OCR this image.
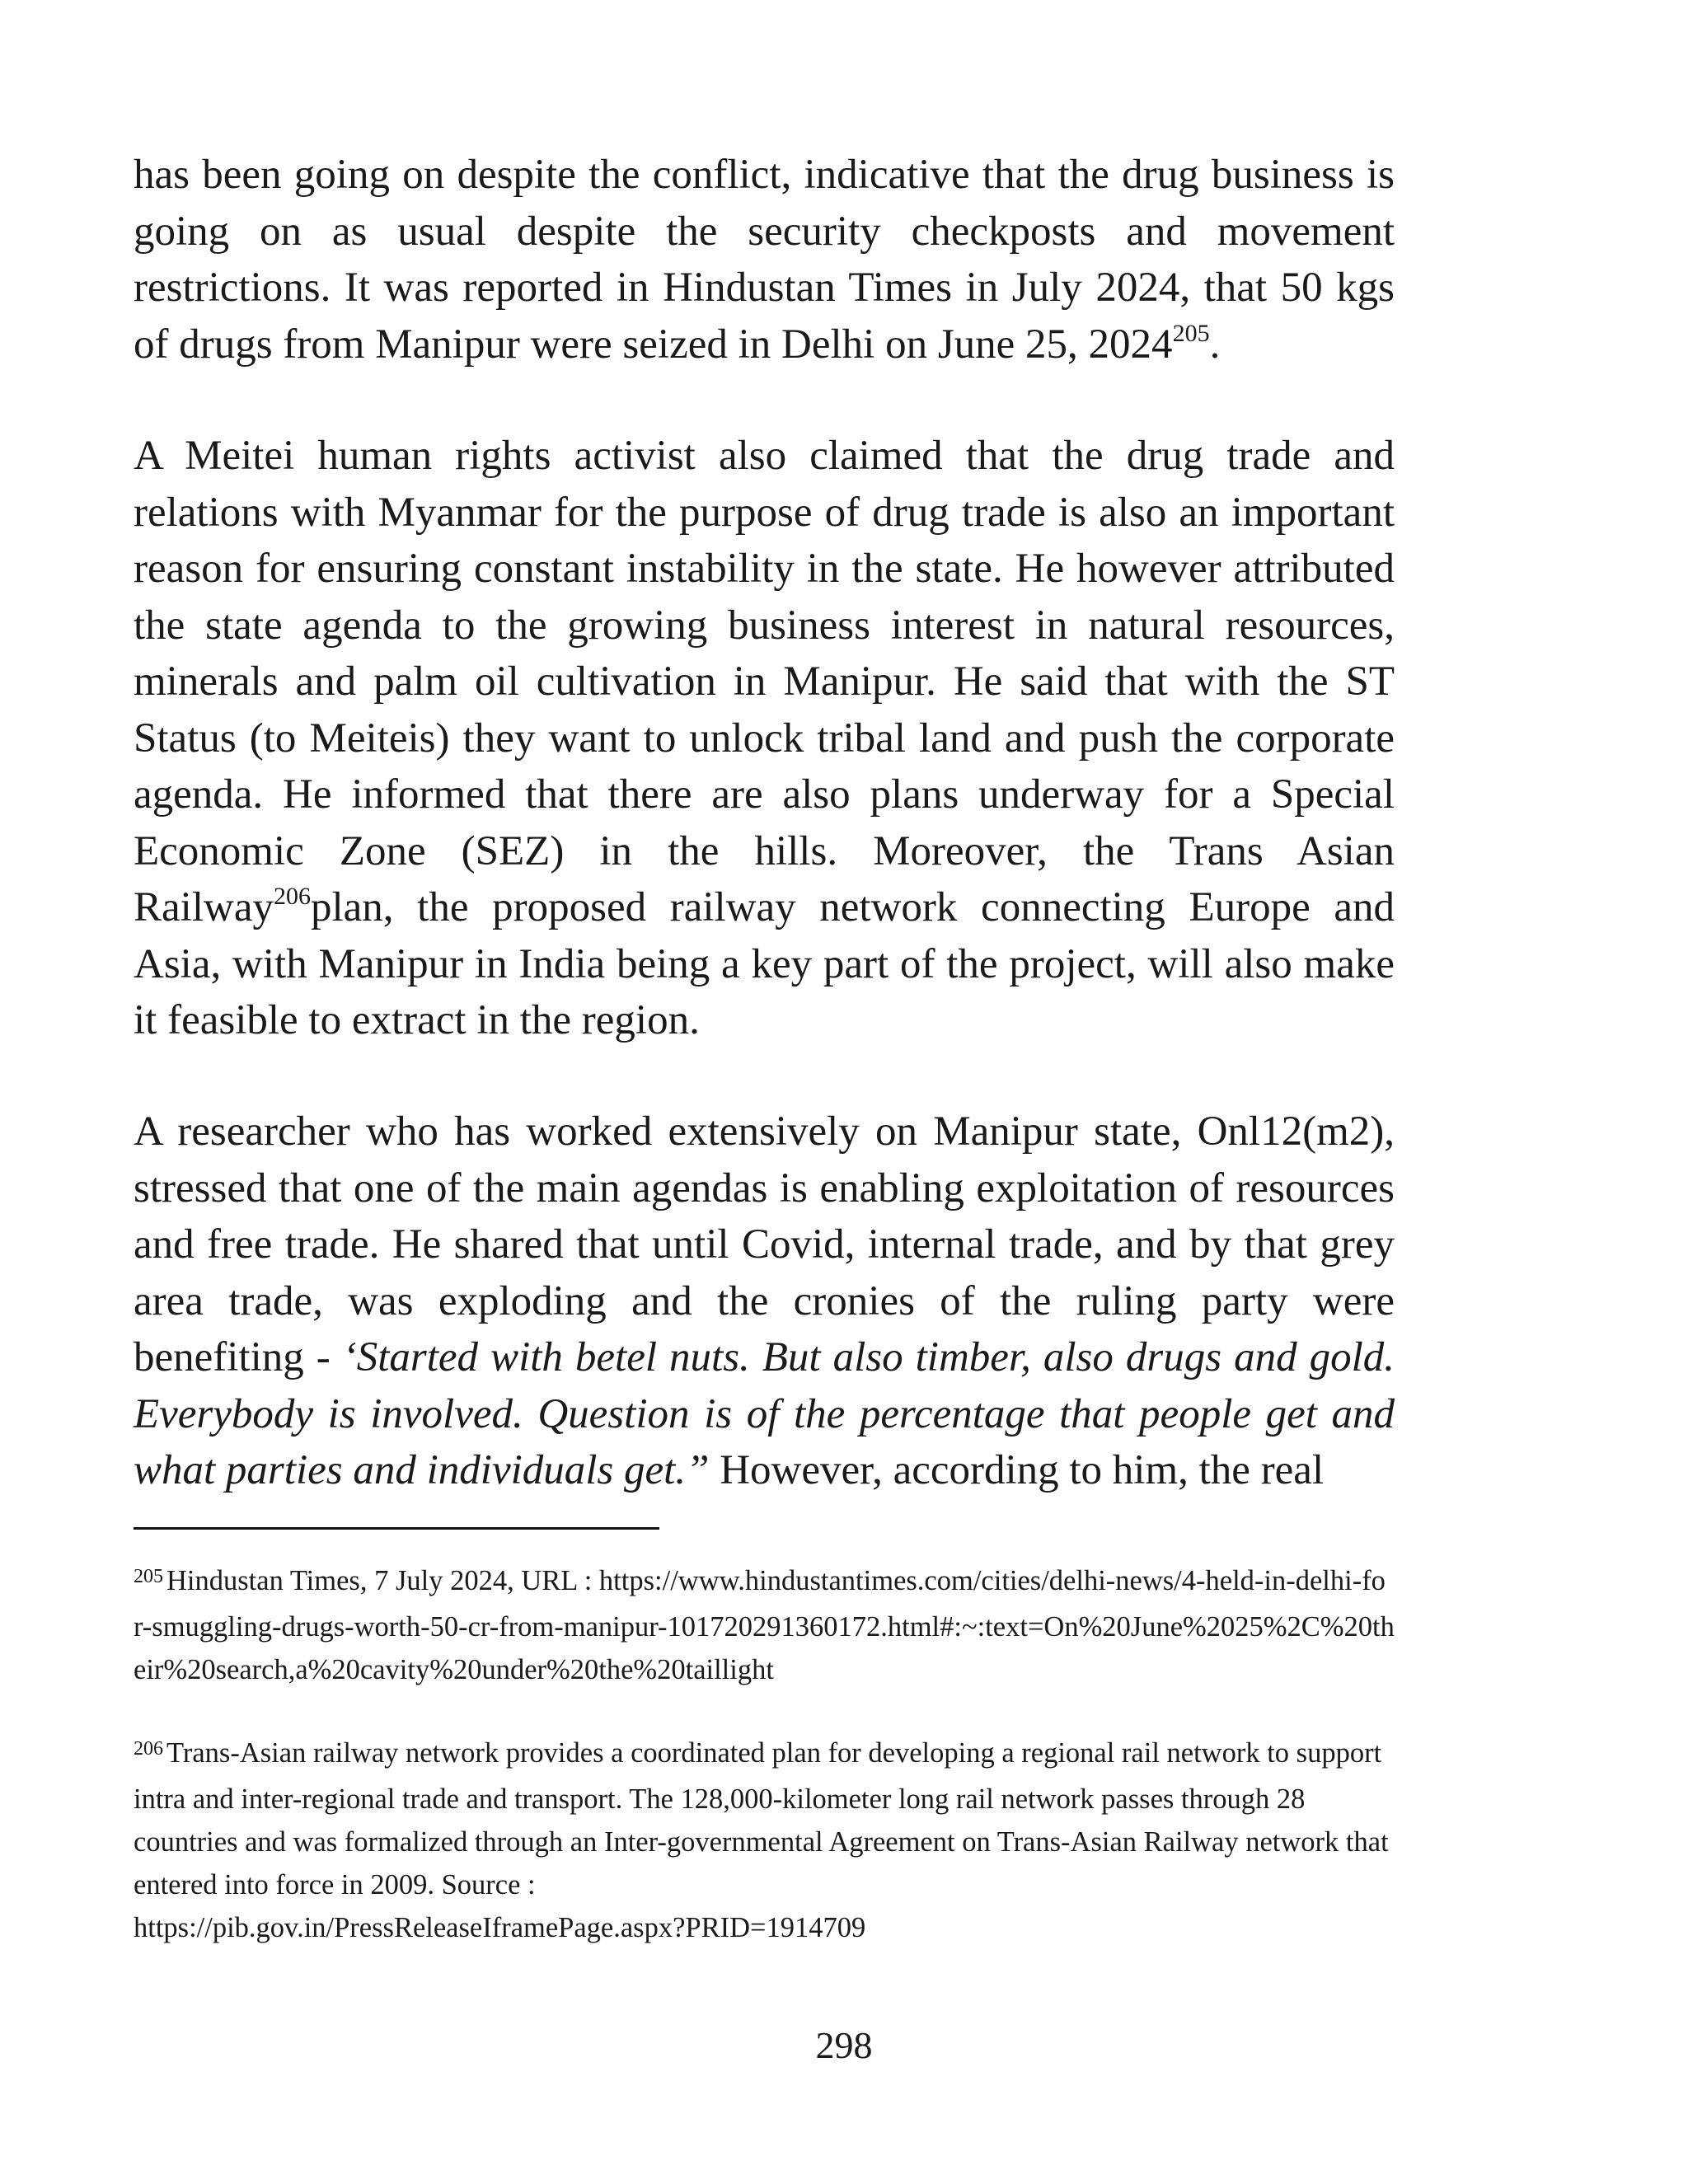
has been going on despite the conflict, indicative that the drug business is going on as usual despite the security checkposts and movement restrictions. It was reported in Hindustan Times in July 2024, that 50 kgs of drugs from Manipur were seized in Delhi on June 25, 2024$^{205}$.

A Meitei human rights activist also claimed that the drug trade and relations with Myanmar for the purpose of drug trade is also an important reason for ensuring constant instability in the state. He however attributed the state agenda to the growing business interest in natural resources, minerals and palm oil cultivation in Manipur. He said that with the ST Status (to Meiteis) they want to unlock tribal land and push the corporate agenda. He informed that there are also plans underway for a Special Economic Zone (SEZ) in the hills. Moreover, the Trans Asian Railway$^{206}$plan, the proposed railway network connecting Europe and Asia, with Manipur in India being a key part of the project, will also make it feasible to extract in the region.

A researcher who has worked extensively on Manipur state, Onl12(m2), stressed that one of the main agendas is enabling exploitation of resources and free trade. He shared that until Covid, internal trade, and by that grey area trade, was exploding and the cronies of the ruling party were benefiting - ‘Started with betel nuts. But also timber, also drugs and gold. Everybody is involved. Question is of the percentage that people get and what parties and individuals get.” However, according to him, the real

$^{205}$ Hindustan Times, 7 July 2024, URL : https://www.hindustantimes.com/cities/delhi-news/4-held-in-delhi-for-smuggling-drugs-worth-50-cr-from-manipur-101720291360172.html#:~:text=On%20June%2025%2C%20their%20search,a%20cavity%20under%20the%20taillight

$^{206}$ Trans-Asian railway network provides a coordinated plan for developing a regional rail network to support intra and inter-regional trade and transport. The 128,000-kilometer long rail network passes through 28 countries and was formalized through an Inter-governmental Agreement on Trans-Asian Railway network that entered into force in 2009. Source :
https://pib.gov.in/PressReleaseIframePage.aspx?PRID=1914709

298
